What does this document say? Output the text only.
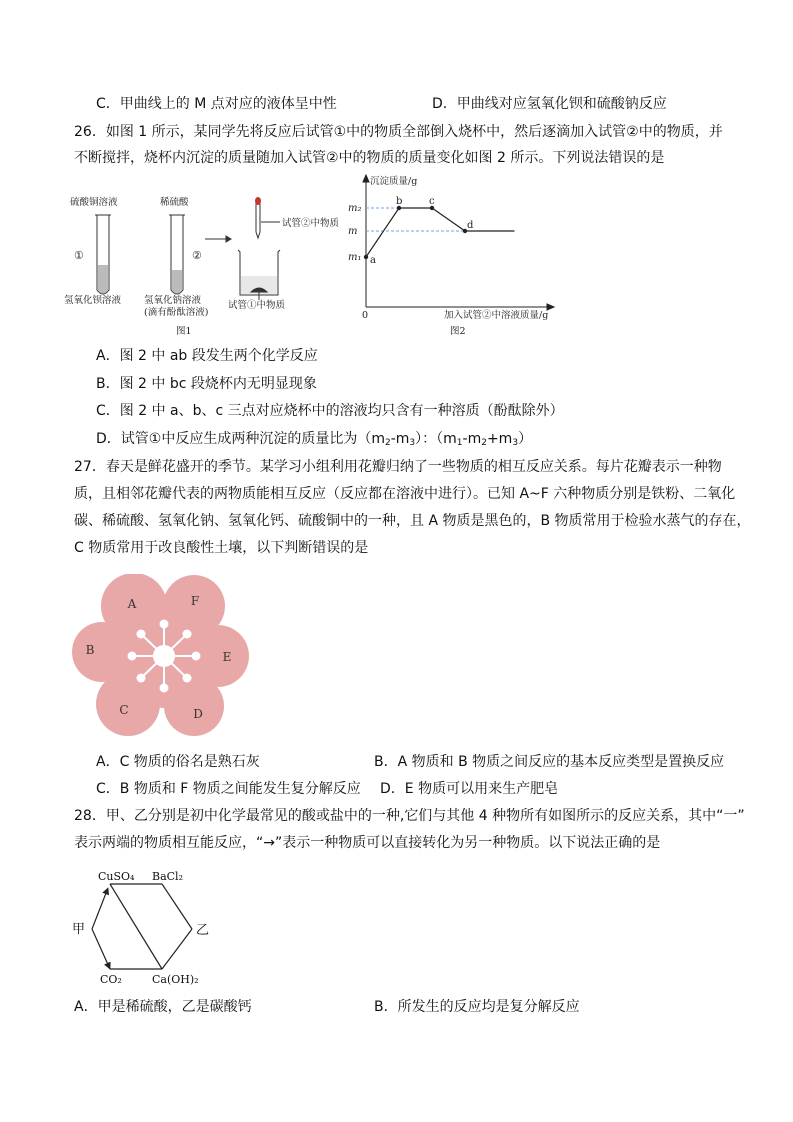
C．甲曲线上的 M 点对应的液体呈中性	D．甲曲线对应氢氧化钡和硫酸钠反应
26．如图 1 所示，某同学先将反应后试管①中的物质全部倒入烧杯中，然后逐滴加入试管②中的物质，并
不断搅拌，烧杯内沉淀的质量随加入试管②中的物质的质量变化如图 2 所示。下列说法错误的是
硫酸铜溶液	稀硫酸
①	②
氢氧化钡溶液 氢氧化钠溶液
(滴有酚酞溶液)
试管②中物质
试管①中物质
图1
a
b	c
d
m₂
m
m₁
沉淀质量/g
加入试管②中溶液质量/g
0
图2
A．图 2 中 ab 段发生两个化学反应
B．图 2 中 bc 段烧杯内无明显现象
C．图 2 中 a、b、c 三点对应烧杯中的溶液均只含有一种溶质（酚酞除外）
D．试管①中反应生成两种沉淀的质量比为$(m_2-m_3)$：$(m_1-m_2+m_3)$
27．春天是鲜花盛开的季节。某学习小组利用花瓣归纳了一些物质的相互反应关系。每片花瓣表示一种物
质，且相邻花瓣代表的两物质能相互反应（反应都在溶液中进行）。已知 A~F 六种物质分别是铁粉、二氧化
碳、稀硫酸、氢氧化钠、氢氧化钙、硫酸铜中的一种，且 A 物质是黑色的，B 物质常用于检验水蒸气的存在，
C 物质常用于改良酸性土壤，以下判断错误的是
A	F
E
D
C
B
A．C 物质的俗名是熟石灰	B．A 物质和 B 物质之间反应的基本反应类型是置换反应
C．B 物质和 F 物质之间能发生复分解反应 D．E 物质可以用来生产肥皂
28．甲、乙分别是初中化学最常见的酸或盐中的一种,它们与其他 4 种物所有如图所示的反应关系，其中“一”
表示两端的物质相互能反应，“→”表示一种物质可以直接转化为另一种物质。以下说法正确的是
CuSO₄ BaCl₂
甲	乙
CO₂	Ca(OH)₂
A．甲是稀硫酸，乙是碳酸钙	B．所发生的反应均是复分解反应
